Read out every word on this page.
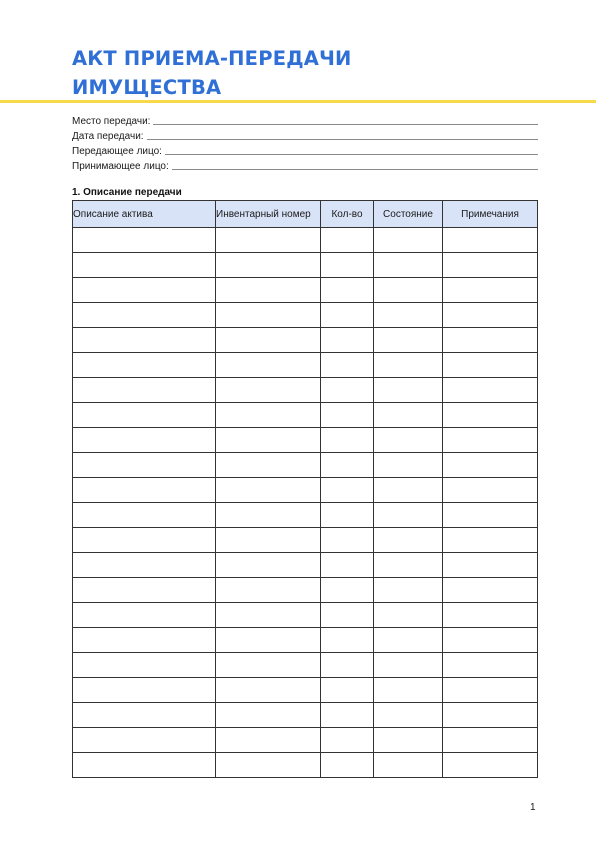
АКТ ПРИЕМА-ПЕРЕДАЧИ ИМУЩЕСТВА
Место передачи:
Дата передачи:
Передающее лицо:
Принимающее лицо:
1. Описание передачи
Описание актива	Инвентарный номер	Кол-во	Состояние	Примечания

1
